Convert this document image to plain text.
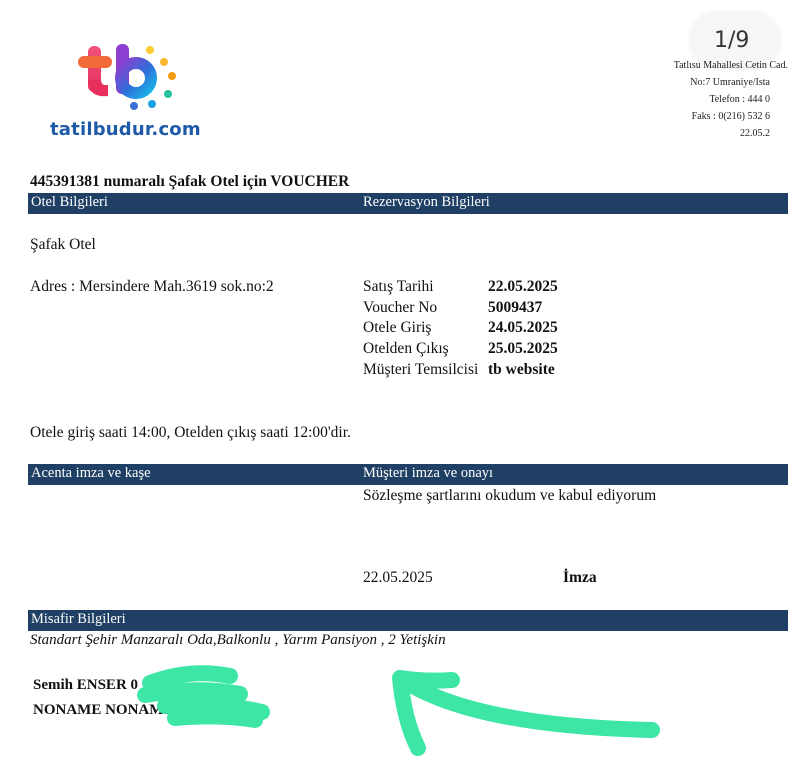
tatilbudur.com
1/9
Tatlısu Mahallesi Cetin Cad.
No:7 Umraniye/Ista
Telefon : 444 0
Faks : 0(216) 532 6
22.05.2
445391381 numaralı Şafak Otel için VOUCHER
Otel Bilgileri	Rezervasyon Bilgileri
Şafak Otel
Adres : Mersindere Mah.3619 sok.no:2	Satış Tarihi	22.05.2025
Voucher No	5009437
Otele Giriş	24.05.2025
Otelden Çıkış	25.05.2025
Müşteri Temsilcisi tb website
Otele giriş saati 14:00, Otelden çıkış saati 12:00'dir.
Acenta imza ve kaşe	Müşteri imza ve onayı
Sözleşme şartlarını okudum ve kabul ediyorum
22.05.2025	İmza
Misafir Bilgileri
Standart Şehir Manzaralı Oda,Balkonlu , Yarım Pansiyon , 2 Yetişkin
Semih ENSER 0
NONAME NONAME
